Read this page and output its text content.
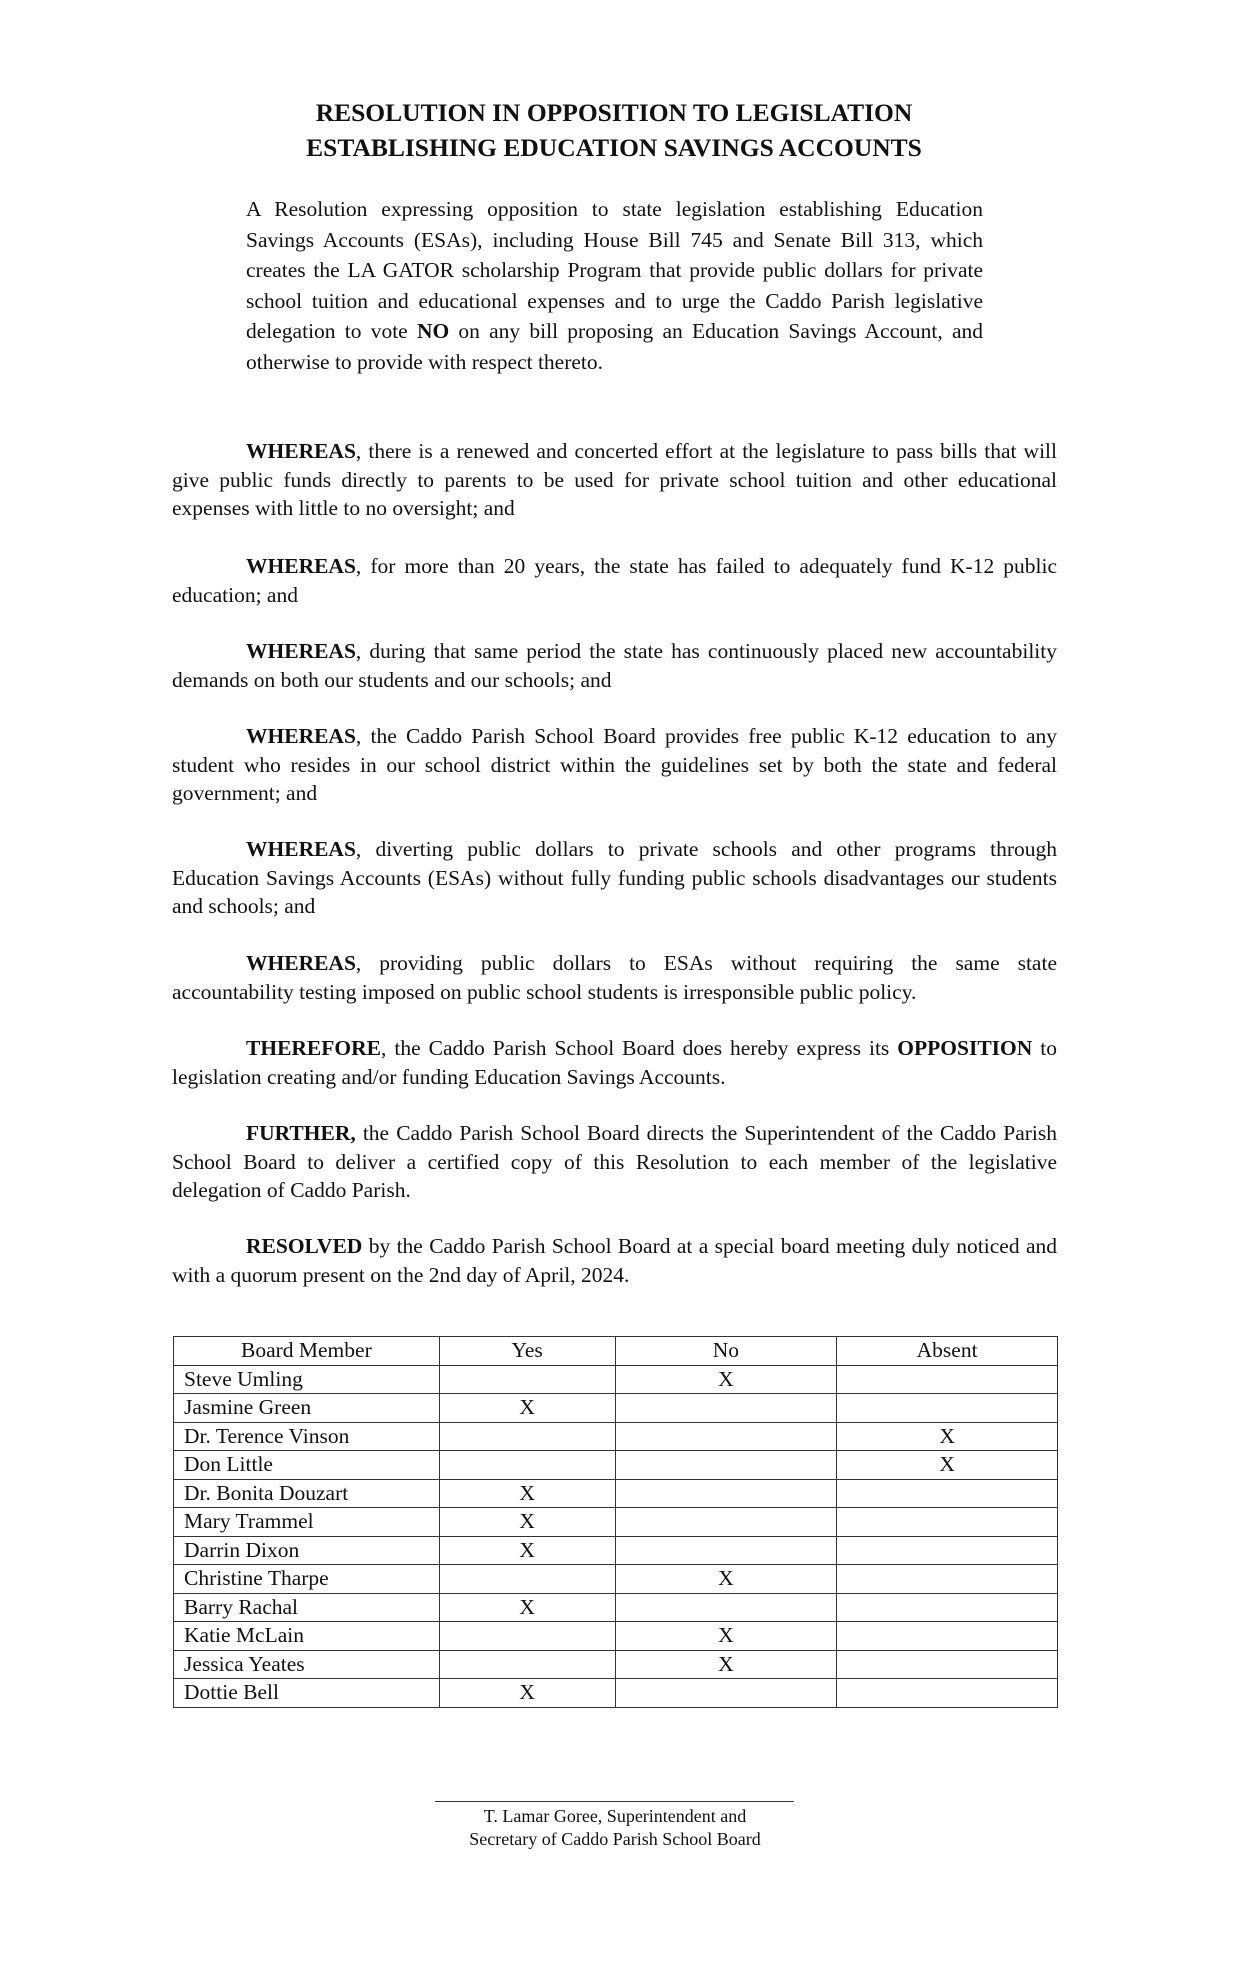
RESOLUTION IN OPPOSITION TO LEGISLATION
ESTABLISHING EDUCATION SAVINGS ACCOUNTS

A Resolution expressing opposition to state legislation establishing Education Savings Accounts (ESAs), including House Bill 745 and Senate Bill 313, which creates the LA GATOR scholarship Program that provide public dollars for private school tuition and educational expenses and to urge the Caddo Parish legislative delegation to vote NO on any bill proposing an Education Savings Account, and otherwise to provide with respect thereto.

WHEREAS, there is a renewed and concerted effort at the legislature to pass bills that will give public funds directly to parents to be used for private school tuition and other educational expenses with little to no oversight; and

WHEREAS, for more than 20 years, the state has failed to adequately fund K-12 public education; and

WHEREAS, during that same period the state has continuously placed new accountability demands on both our students and our schools; and

WHEREAS, the Caddo Parish School Board provides free public K-12 education to any student who resides in our school district within the guidelines set by both the state and federal government; and

WHEREAS, diverting public dollars to private schools and other programs through Education Savings Accounts (ESAs) without fully funding public schools disadvantages our students and schools; and

WHEREAS, providing public dollars to ESAs without requiring the same state accountability testing imposed on public school students is irresponsible public policy.

THEREFORE, the Caddo Parish School Board does hereby express its OPPOSITION to legislation creating and/or funding Education Savings Accounts.

FURTHER, the Caddo Parish School Board directs the Superintendent of the Caddo Parish School Board to deliver a certified copy of this Resolution to each member of the legislative delegation of Caddo Parish.

RESOLVED by the Caddo Parish School Board at a special board meeting duly noticed and with a quorum present on the 2nd day of April, 2024.

Board Member	Yes	No	Absent
Steve Umling		X	
Jasmine Green	X		
Dr. Terence Vinson			X
Don Little			X
Dr. Bonita Douzart	X		
Mary Trammel	X		
Darrin Dixon	X		
Christine Tharpe		X	
Barry Rachal	X		
Katie McLain		X	
Jessica Yeates		X	
Dottie Bell	X		

T. Lamar Goree, Superintendent and
Secretary of Caddo Parish School Board
